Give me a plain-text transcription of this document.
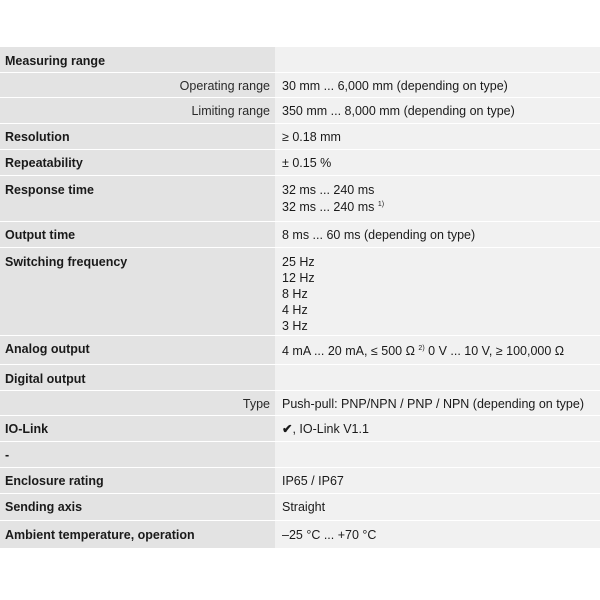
Measuring range
Operating range 30 mm ... 6,000 mm (depending on type)
Limiting range 350 mm ... 8,000 mm (depending on type)
Resolution	≥ 0.18 mm
Repeatability	± 0.15 %
Response time	32 ms ... 240 ms
32 ms ... 240 ms $^{1)}$
Output time	8 ms ... 60 ms (depending on type)
Switching frequency	25 Hz
12 Hz
8 Hz
4 Hz
3 Hz
Analog output	4 mA ... 20 mA, ≤ 500 Ω $^{2)}$ 0 V ... 10 V, ≥ 100,000 Ω
Digital output
Type Push-pull: PNP/NPN / PNP / NPN (depending on type)
IO-Link	✔, IO-Link V1.1
-
Enclosure rating	IP65 / IP67
Sending axis	Straight
Ambient temperature, operation	–25 °C ... +70 °C
